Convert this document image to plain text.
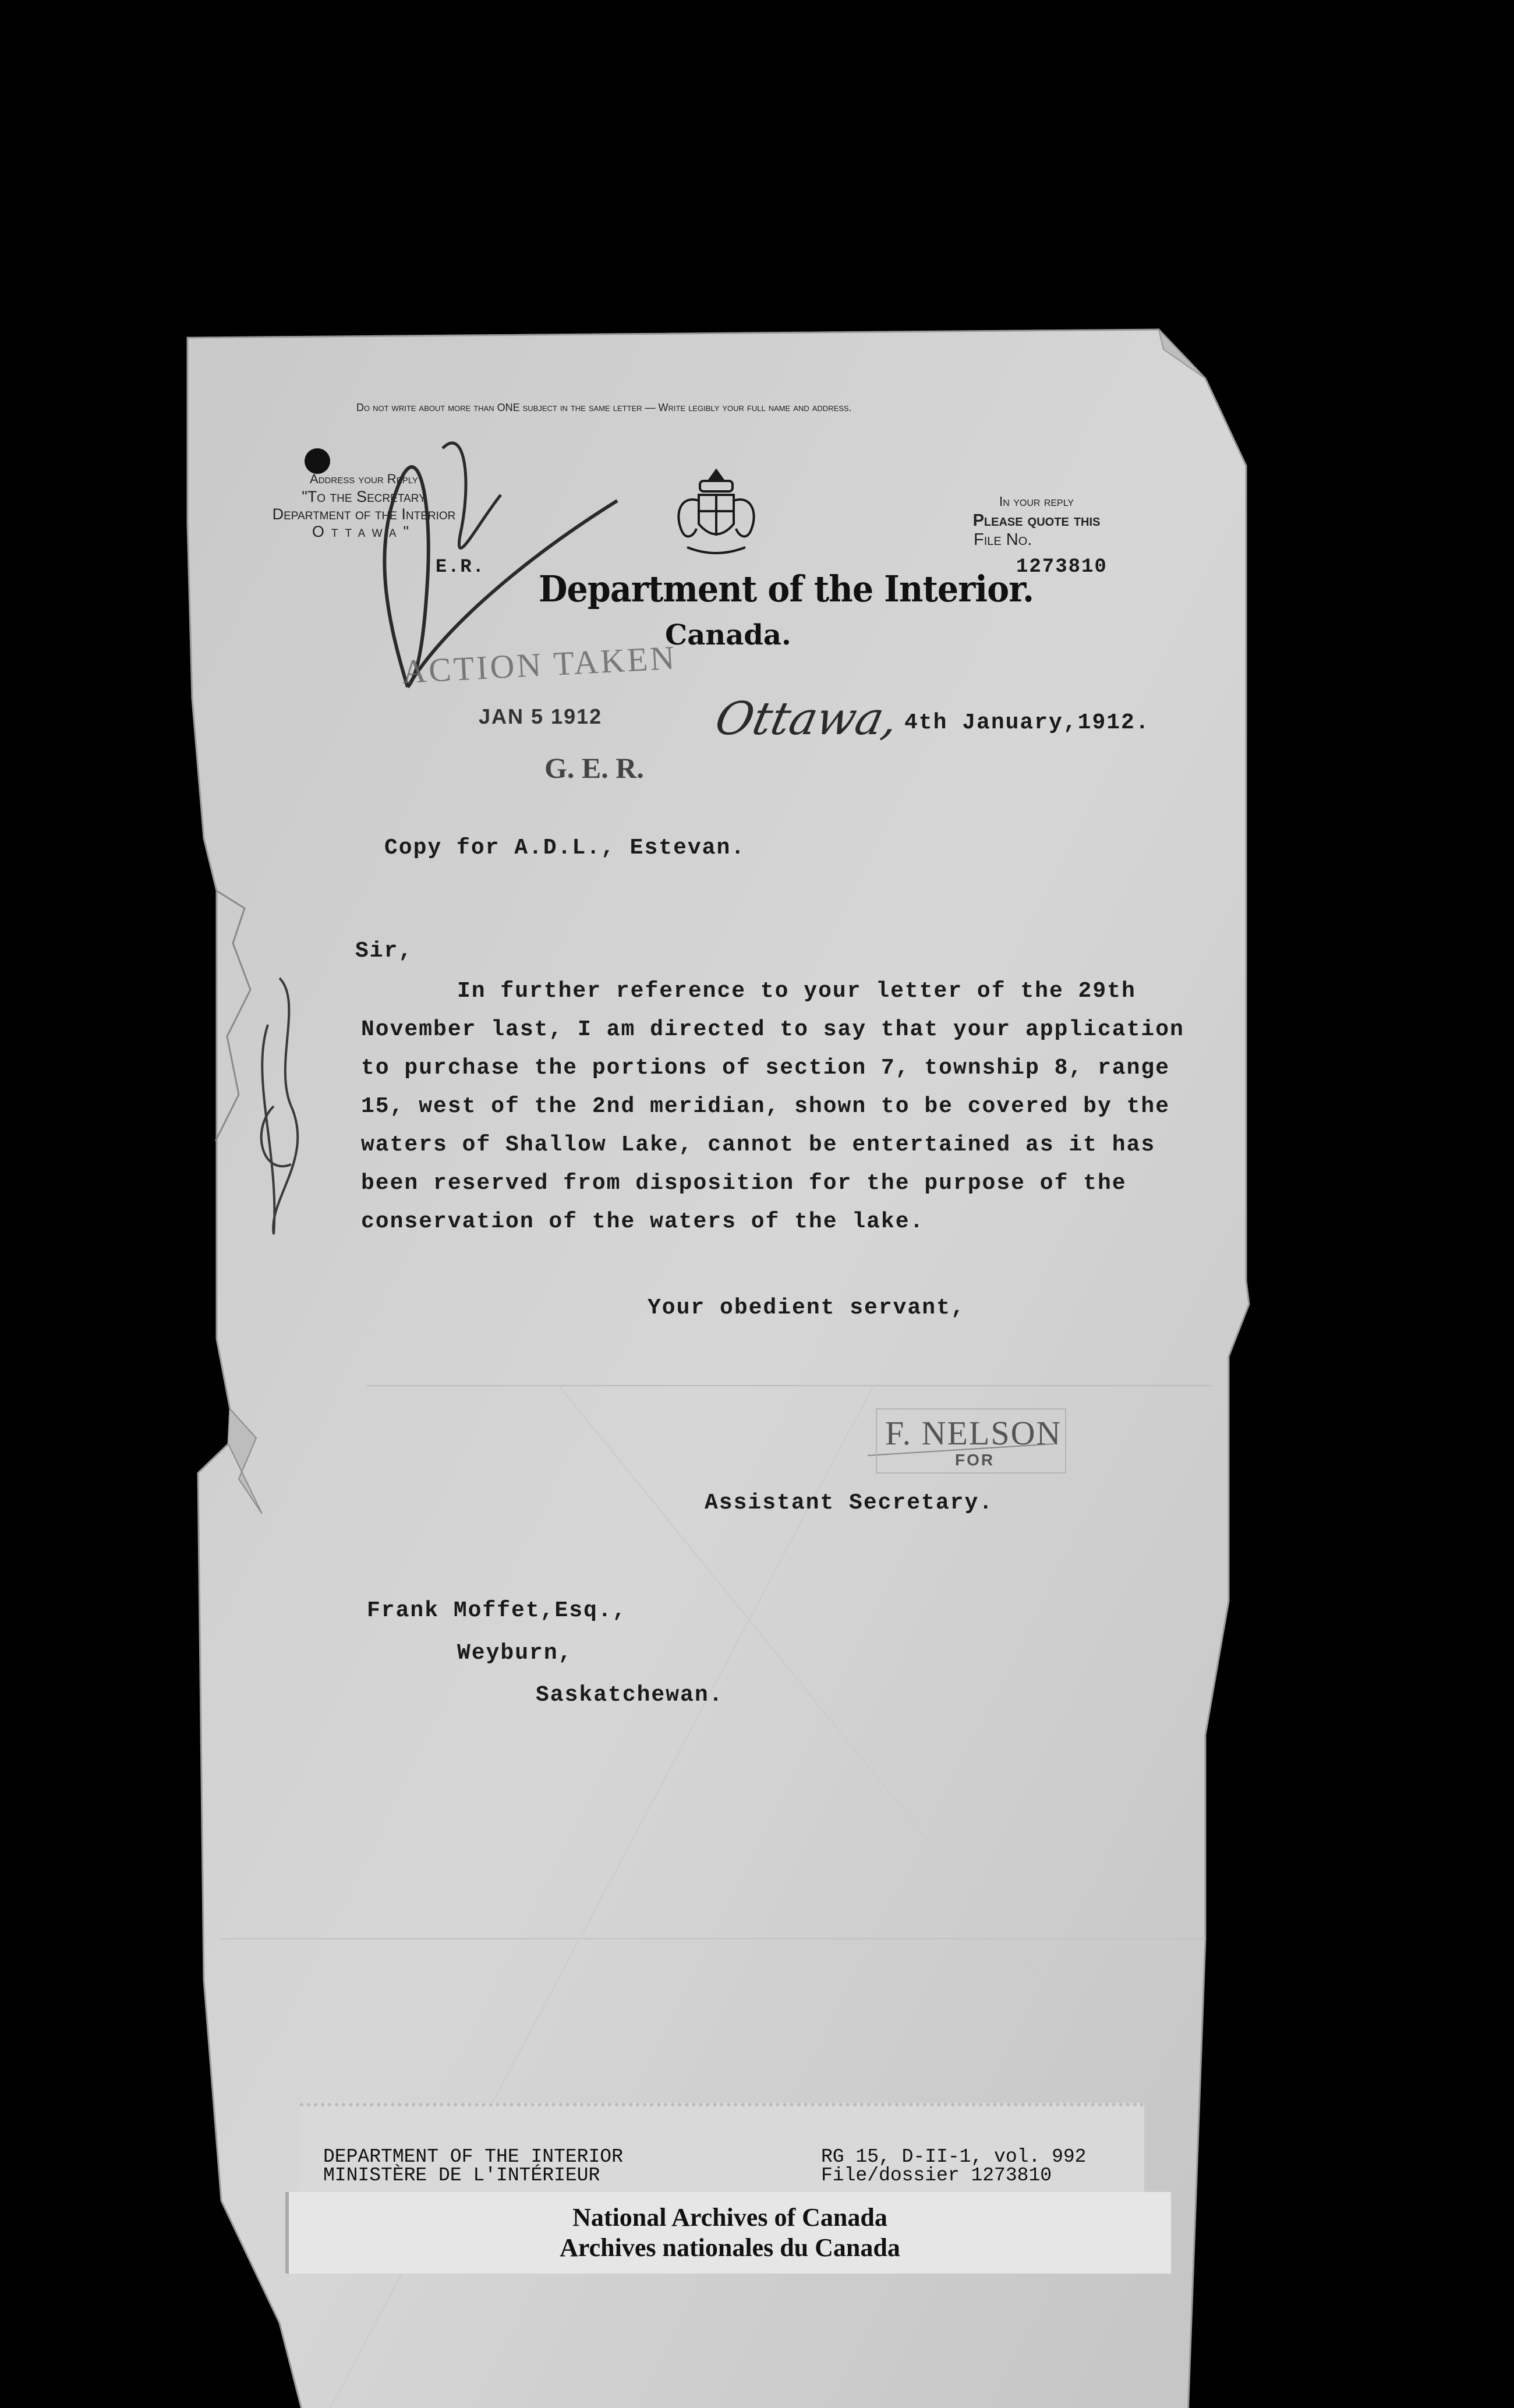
Do not write about more than ONE subject in the same letter — Write legibly your full name and address.
Address your Reply
"To the Secretary
Department of the Interior
Ottawa"
In your reply
Please quote this
File No.
1273810
E.R.
Department of the Interior.
Canada.
ACTION TAKEN
JAN 5 1912
G. E. R.
Ottawa, 4th January,1912.
Copy for A.D.L., Estevan.
Sir,
In further reference to your letter of the 29th
November last, I am directed to say that your application
to purchase the portions of section 7, township 8, range
15, west of the 2nd meridian, shown to be covered by the
waters of Shallow Lake, cannot be entertained as it has
been reserved from disposition for the purpose of the
conservation of the waters of the lake.
Your obedient servant,
F. NELSON
FOR
Assistant Secretary.
Frank Moffet,Esq.,
Weyburn,
Saskatchewan.
DEPARTMENT OF THE INTERIOR
MINISTÈRE DE L'INTÉRIEUR
RG 15, D-II-1, vol. 992
File/dossier 1273810
National Archives of Canada
Archives nationales du Canada
